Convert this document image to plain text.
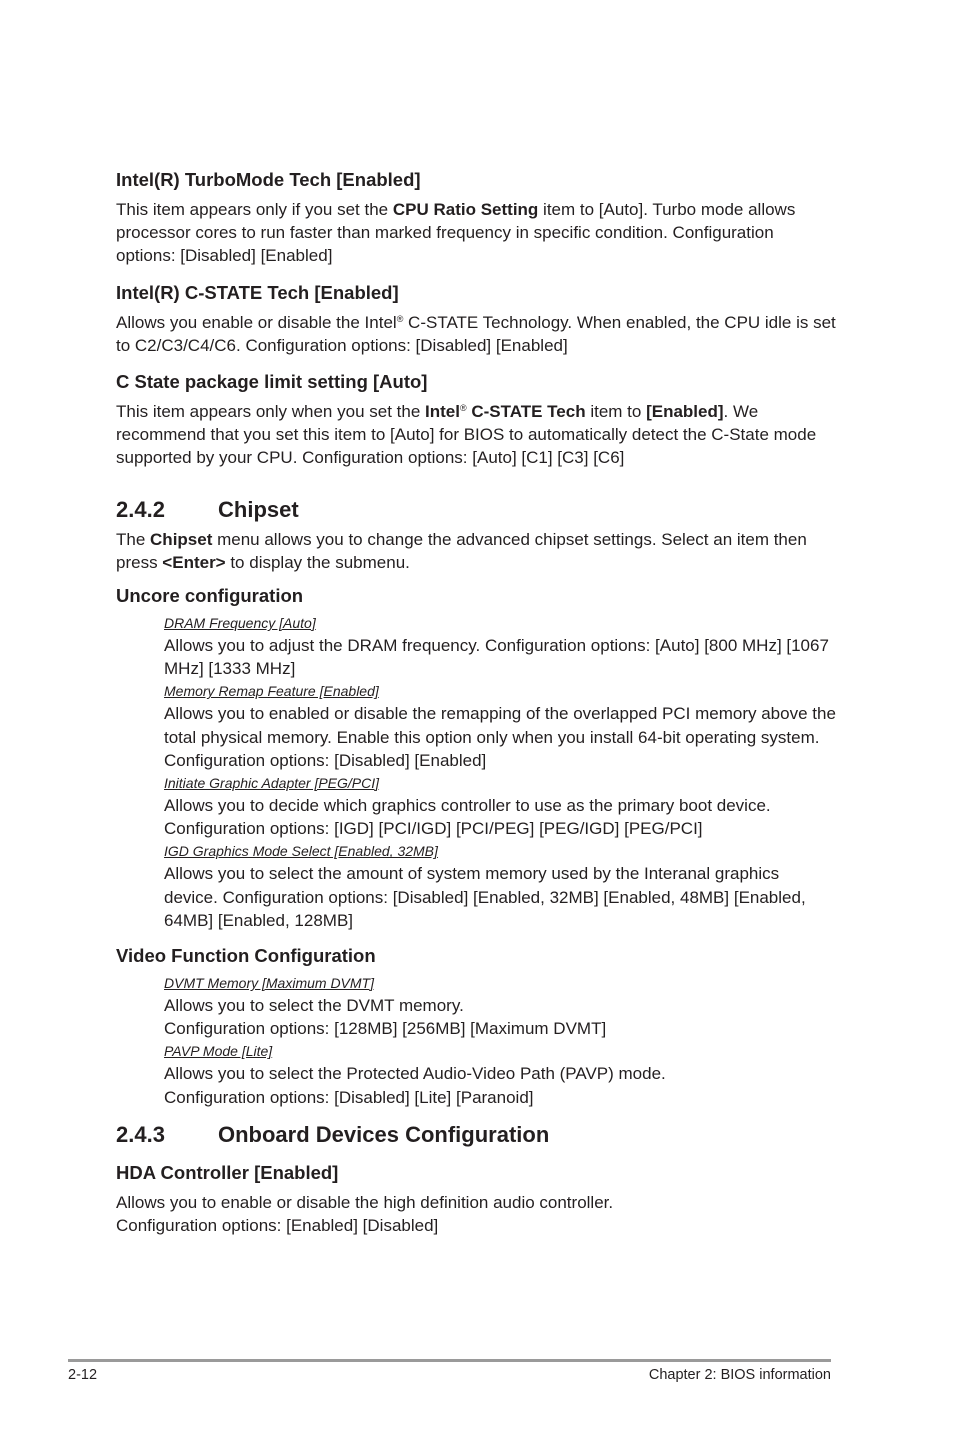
Intel(R) TurboMode Tech [Enabled]
This item appears only if you set the CPU Ratio Setting item to [Auto]. Turbo mode allows processor cores to run faster than marked frequency in specific condition. Configuration options: [Disabled] [Enabled]
Intel(R) C-STATE Tech [Enabled]
Allows you enable or disable the Intel® C-STATE Technology. When enabled, the CPU idle is set to C2/C3/C4/C6. Configuration options: [Disabled] [Enabled]
C State package limit setting [Auto]
This item appears only when you set the Intel® C-STATE Tech item to [Enabled]. We recommend that you set this item to [Auto] for BIOS to automatically detect the C-State mode supported by your CPU. Configuration options: [Auto] [C1] [C3] [C6]
2.4.2	Chipset
The Chipset menu allows you to change the advanced chipset settings. Select an item then press <Enter> to display the submenu.
Uncore configuration
DRAM Frequency [Auto]
Allows you to adjust the DRAM frequency. Configuration options: [Auto] [800 MHz] [1067 MHz] [1333 MHz]
Memory Remap Feature [Enabled]
Allows you to enabled or disable the remapping of the overlapped PCI memory above the total physical memory. Enable this option only when you install 64-bit operating system. Configuration options: [Disabled] [Enabled]
Initiate Graphic Adapter [PEG/PCI]
Allows you to decide which graphics controller to use as the primary boot device. Configuration options: [IGD] [PCI/IGD] [PCI/PEG] [PEG/IGD] [PEG/PCI]
IGD Graphics Mode Select [Enabled, 32MB]
Allows you to select the amount of system memory used by the Interanal graphics device. Configuration options: [Disabled] [Enabled, 32MB] [Enabled, 48MB] [Enabled, 64MB] [Enabled, 128MB]
Video Function Configuration
DVMT Memory [Maximum DVMT]
Allows you to select the DVMT memory.
Configuration options: [128MB] [256MB] [Maximum DVMT]
PAVP Mode [Lite]
Allows you to select the Protected Audio-Video Path (PAVP) mode.
Configuration options: [Disabled] [Lite] [Paranoid]
2.4.3	Onboard Devices Configuration
HDA Controller [Enabled]
Allows you to enable or disable the high definition audio controller.
Configuration options: [Enabled] [Disabled]
2-12	Chapter 2: BIOS information
